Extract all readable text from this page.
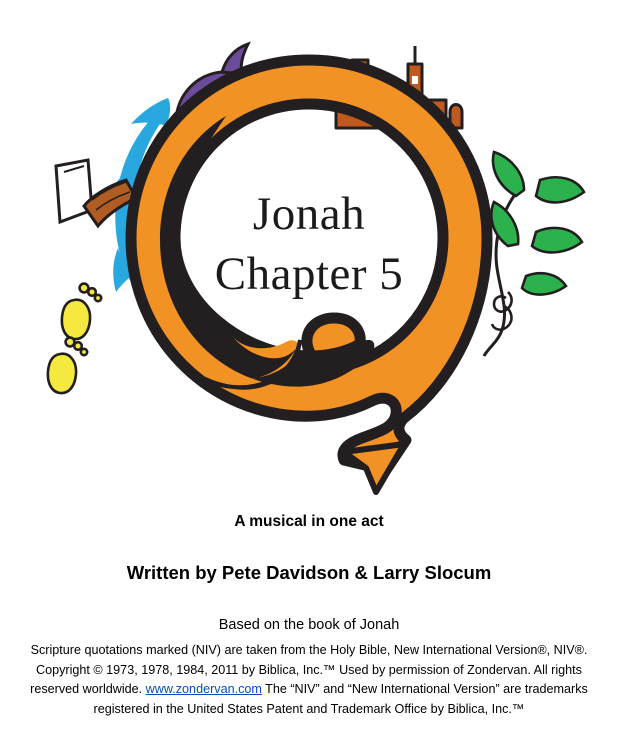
Jonah
Chapter 5
A musical in one act
Written by Pete Davidson & Larry Slocum
Based on the book of Jonah
Scripture quotations marked (NIV) are taken from the Holy Bible, New International Version®, NIV®. Copyright © 1973, 1978, 1984, 2011 by Biblica, Inc.™ Used by permission of Zondervan. All rights reserved worldwide. www.zondervan.com The “NIV” and “New International Version” are trademarks registered in the United States Patent and Trademark Office by Biblica, Inc.™
